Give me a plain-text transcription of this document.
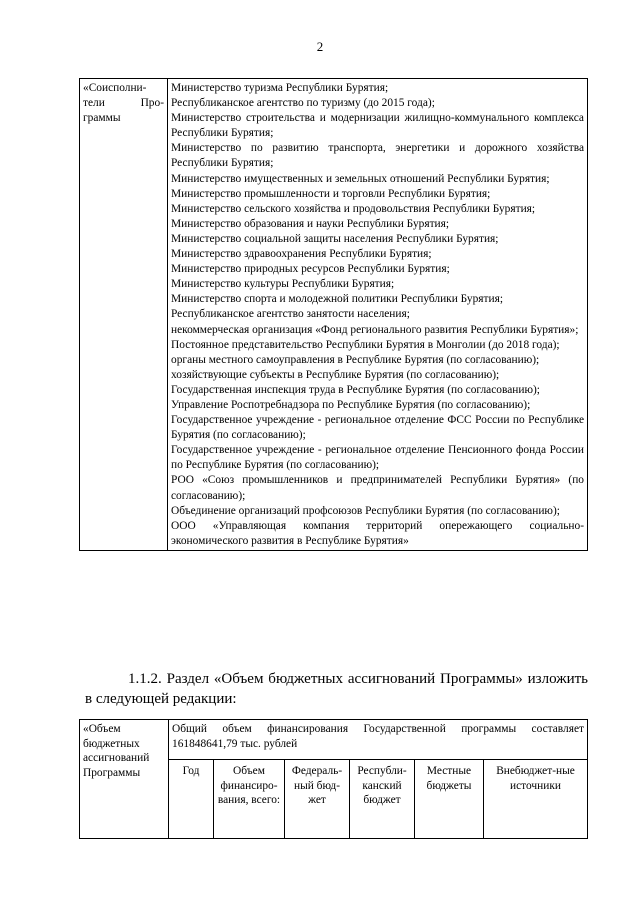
2
«Соисполни-тели Про-граммы	
Министерство туризма Республики Бурятия;
Республиканское агентство по туризму (до 2015 года);
Министерство строительства и модернизации жилищно-коммунального комплекса Республики Бурятия;
Министерство по развитию транспорта, энергетики и дорожного хозяйства Республики Бурятия;
Министерство имущественных и земельных отношений Республики Бурятия;
Министерство промышленности и торговли Республики Бурятия;
Министерство сельского хозяйства и продовольствия Республики Бурятия;
Министерство образования и науки Республики Бурятия;
Министерство социальной защиты населения Республики Бурятия;
Министерство здравоохранения Республики Бурятия;
Министерство природных ресурсов Республики Бурятия;
Министерство культуры Республики Бурятия;
Министерство спорта и молодежной политики Республики Бурятия;
Республиканское агентство занятости населения;
некоммерческая организация «Фонд регионального развития Республики Бурятия»;
Постоянное представительство Республики Бурятия в Монголии (до 2018 года);
органы местного самоуправления в Республике Бурятия (по согласованию);
хозяйствующие субъекты в Республике Бурятия (по согласованию);
Государственная инспекция труда в Республике Бурятия (по согласованию);
Управление Роспотребнадзора по Республике Бурятия (по согласованию);
Государственное учреждение - региональное отделение ФСС России по Республике Бурятия (по согласованию);
Государственное учреждение - региональное отделение Пенсионного фонда России по Республике Бурятия (по согласованию);
РОО «Союз промышленников и предпринимателей Республики Бурятия» (по согласованию);
Объединение организаций профсоюзов Республики Бурятия (по согласованию);
ООО «Управляющая компания территорий опережающего социально-экономического развития в Республике Бурятия»
1.1.2. Раздел «Объем бюджетных ассигнований Программы» изложить в следующей редакции:
«Объем бюджетных ассигнований Программы	Общий объем финансирования Государственной программы составляет 161848641,79 тыс. рублей					
	Год	Объем финансиро-вания, всего:	Федераль-ный бюд-жет	Республи-канский бюджет	Местные бюджеты	Внебюджет-ные источники
